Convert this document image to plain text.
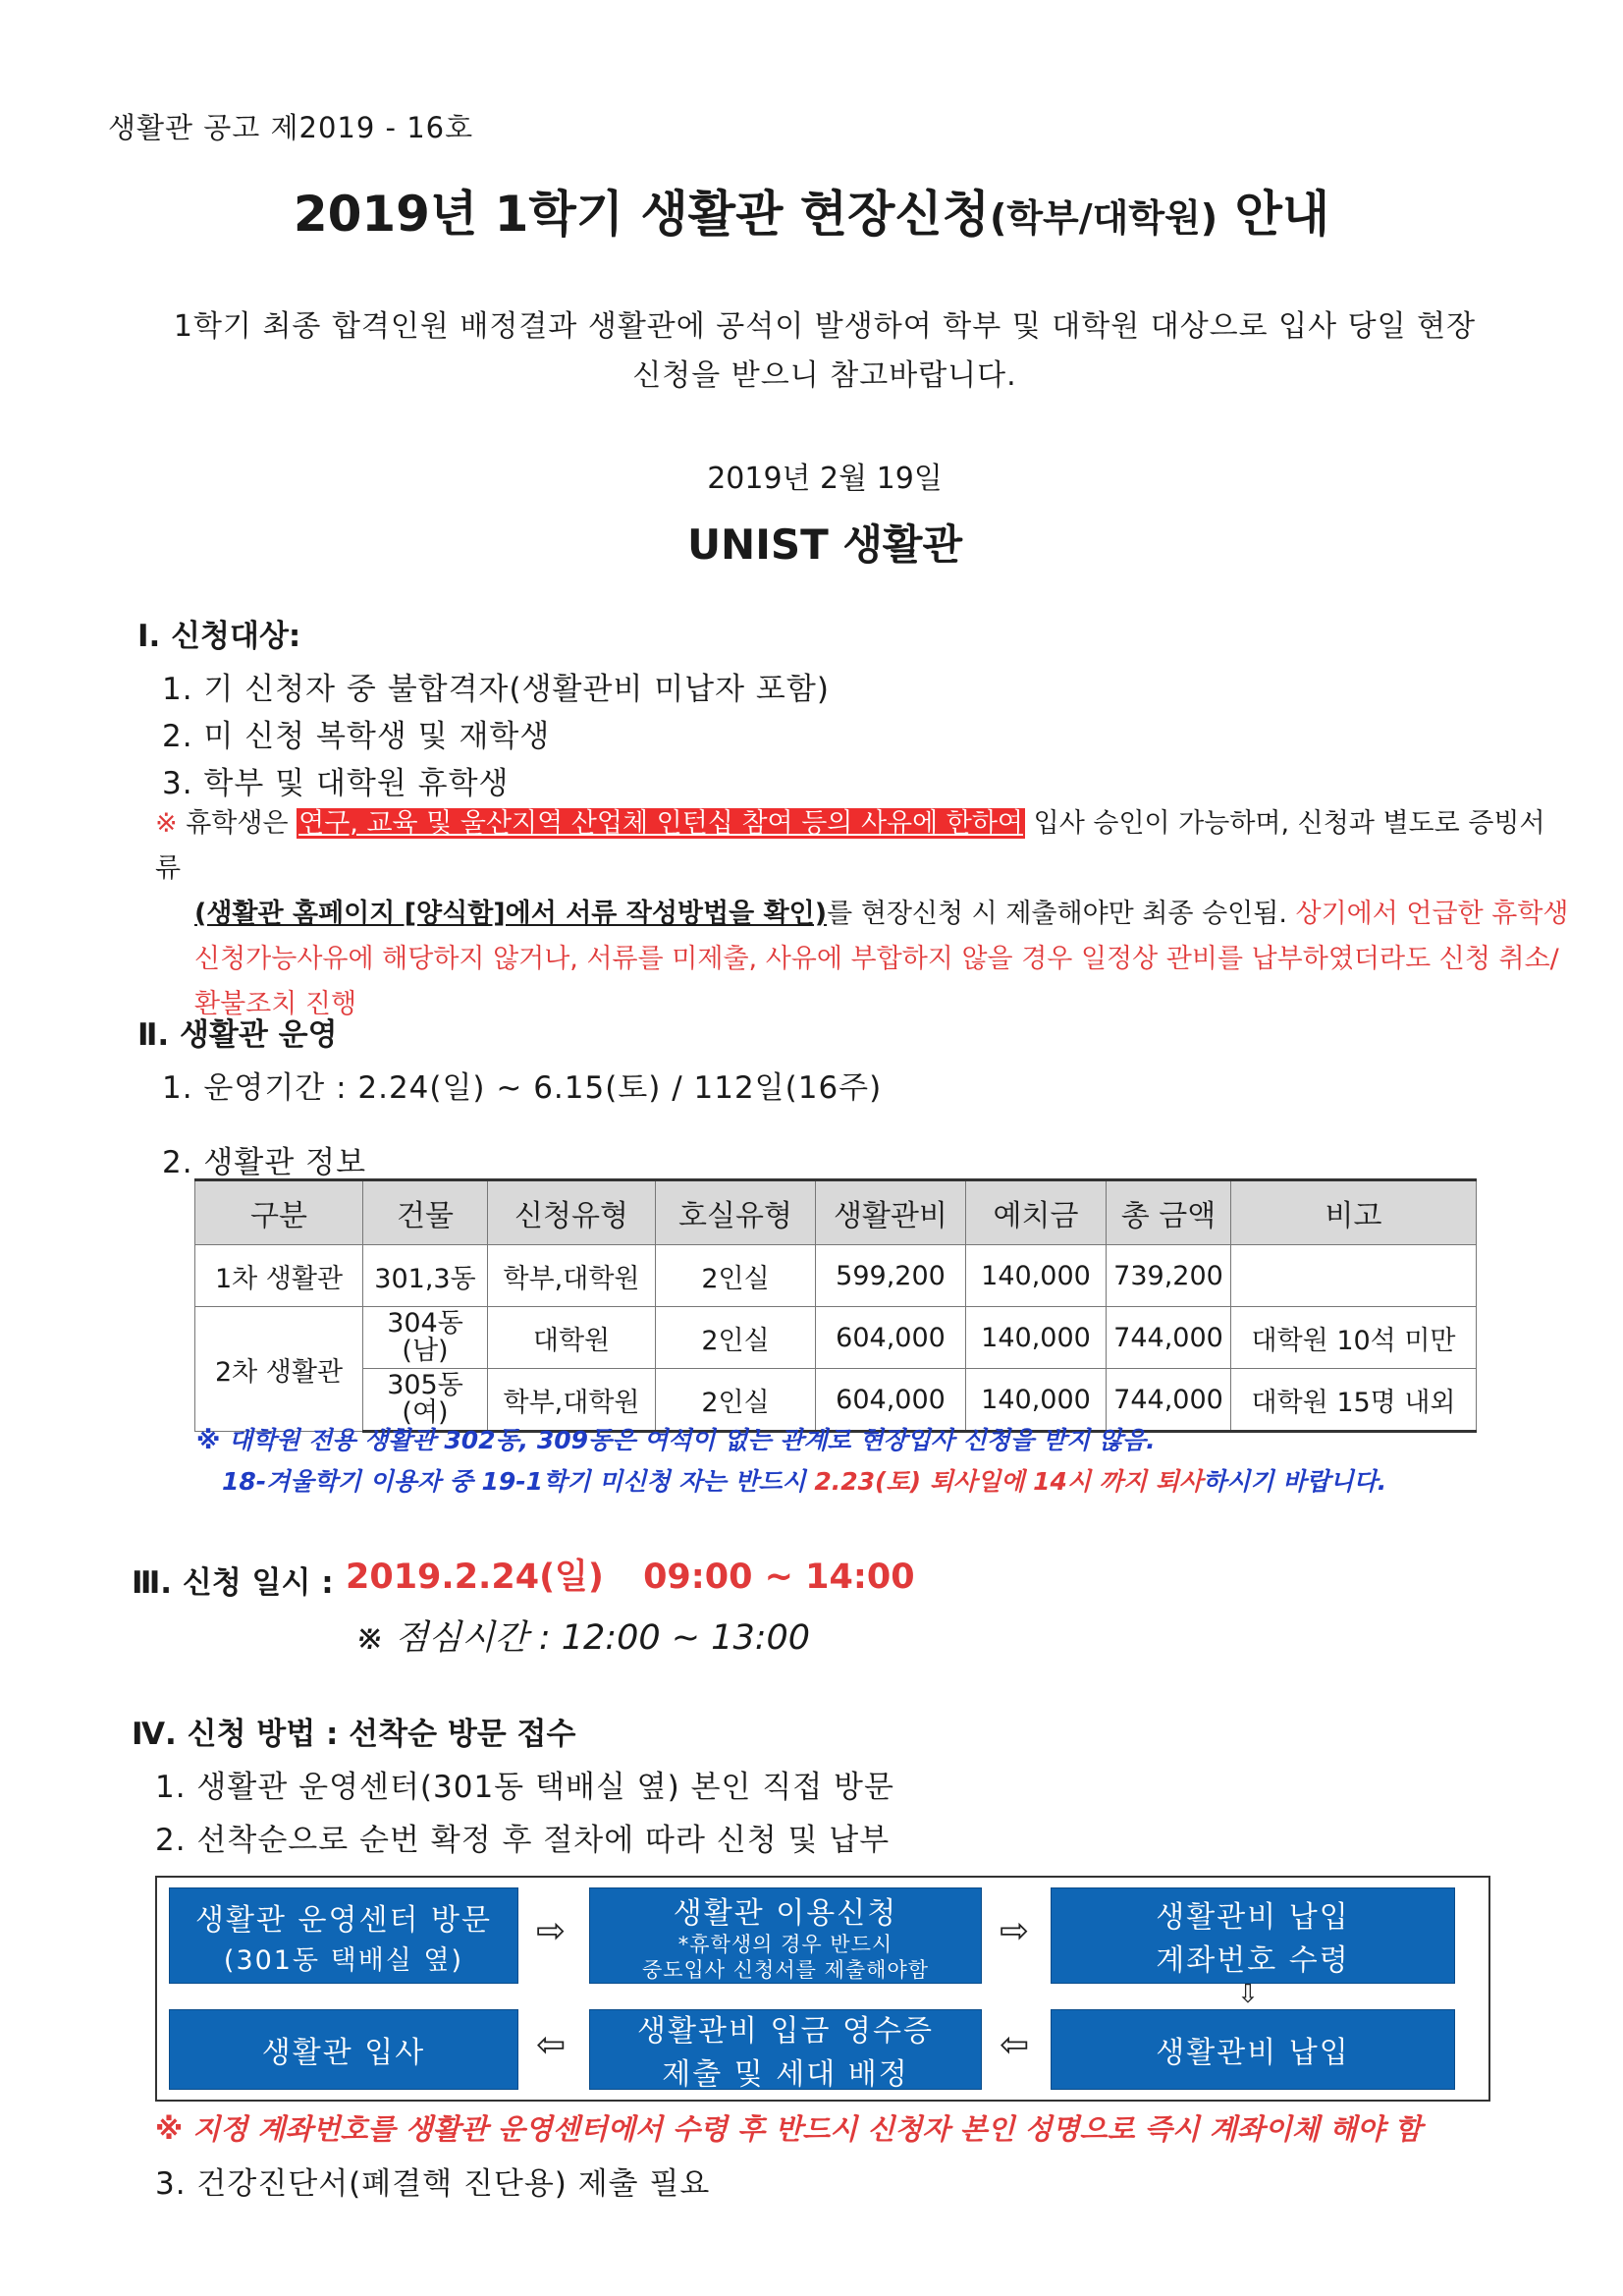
생활관 공고 제2019 - 16호
2019년 1학기 생활관 현장신청(학부/대학원) 안내
1학기 최종 합격인원 배정결과 생활관에 공석이 발생하여 학부 및 대학원 대상으로 입사 당일 현장
신청을 받으니 참고바랍니다.
2019년 2월 19일
UNIST 생활관
Ⅰ. 신청대상:
1. 기 신청자 중 불합격자(생활관비 미납자 포함)
2. 미 신청 복학생 및 재학생
3. 학부 및 대학원 휴학생
※ 휴학생은 연구, 교육 및 울산지역 산업체 인턴십 참여 등의 사유에 한하여 입사 승인이 가능하며, 신청과 별도로 증빙서류
(생활관 홈페이지 [양식함]에서 서류 작성방법을 확인)를 현장신청 시 제출해야만 최종 승인됨. 상기에서 언급한 휴학생
신청가능사유에 해당하지 않거나, 서류를 미제출, 사유에 부합하지 않을 경우 일정상 관비를 납부하였더라도 신청 취소/
환불조치 진행
Ⅱ. 생활관 운영
1. 운영기간 : 2.24(일) ~ 6.15(토) / 112일(16주)
2. 생활관 정보
구분	건물	신청유형	호실유형	생활관비	예치금	총 금액	비고
1차 생활관	301,3동	학부,대학원	2인실	599,200	140,000	739,200	
2차 생활관	304동
(남)	대학원	2인실	604,000	140,000	744,000	대학원 10석 미만
	305동
(여)	학부,대학원	2인실	604,000	140,000	744,000	대학원 15명 내외
※ 대학원 전용 생활관 302동, 309동은 여석이 없는 관계로 현장입사 신청을 받지 않음.
18-겨울학기 이용자 중 19-1학기 미신청 자는 반드시 2.23(토) 퇴사일에 14시 까지 퇴사하시기 바랍니다.
Ⅲ. 신청 일시 : 2019.2.24(일) 09:00 ~ 14:00
※ 점심시간 : 12:00 ~ 13:00
Ⅳ. 신청 방법 : 선착순 방문 접수
1. 생활관 운영센터(301동 택배실 옆) 본인 직접 방문
2. 선착순으로 순번 확정 후 절차에 따라 신청 및 납부
생활관 운영센터 방문
(301동 택배실 옆)
⇨	생활관 이용신청
*휴학생의 경우 반드시
중도입사 신청서를 제출해야함
⇨	생활관비 납입
계좌번호 수령
⇩
생활관비 납입
⇦
생활관비 입금 영수증
제출 및 세대 배정
⇦
생활관 입사
※ 지정 계좌번호를 생활관 운영센터에서 수령 후 반드시 신청자 본인 성명으로 즉시 계좌이체 해야 함
3. 건강진단서(폐결핵 진단용) 제출 필요
